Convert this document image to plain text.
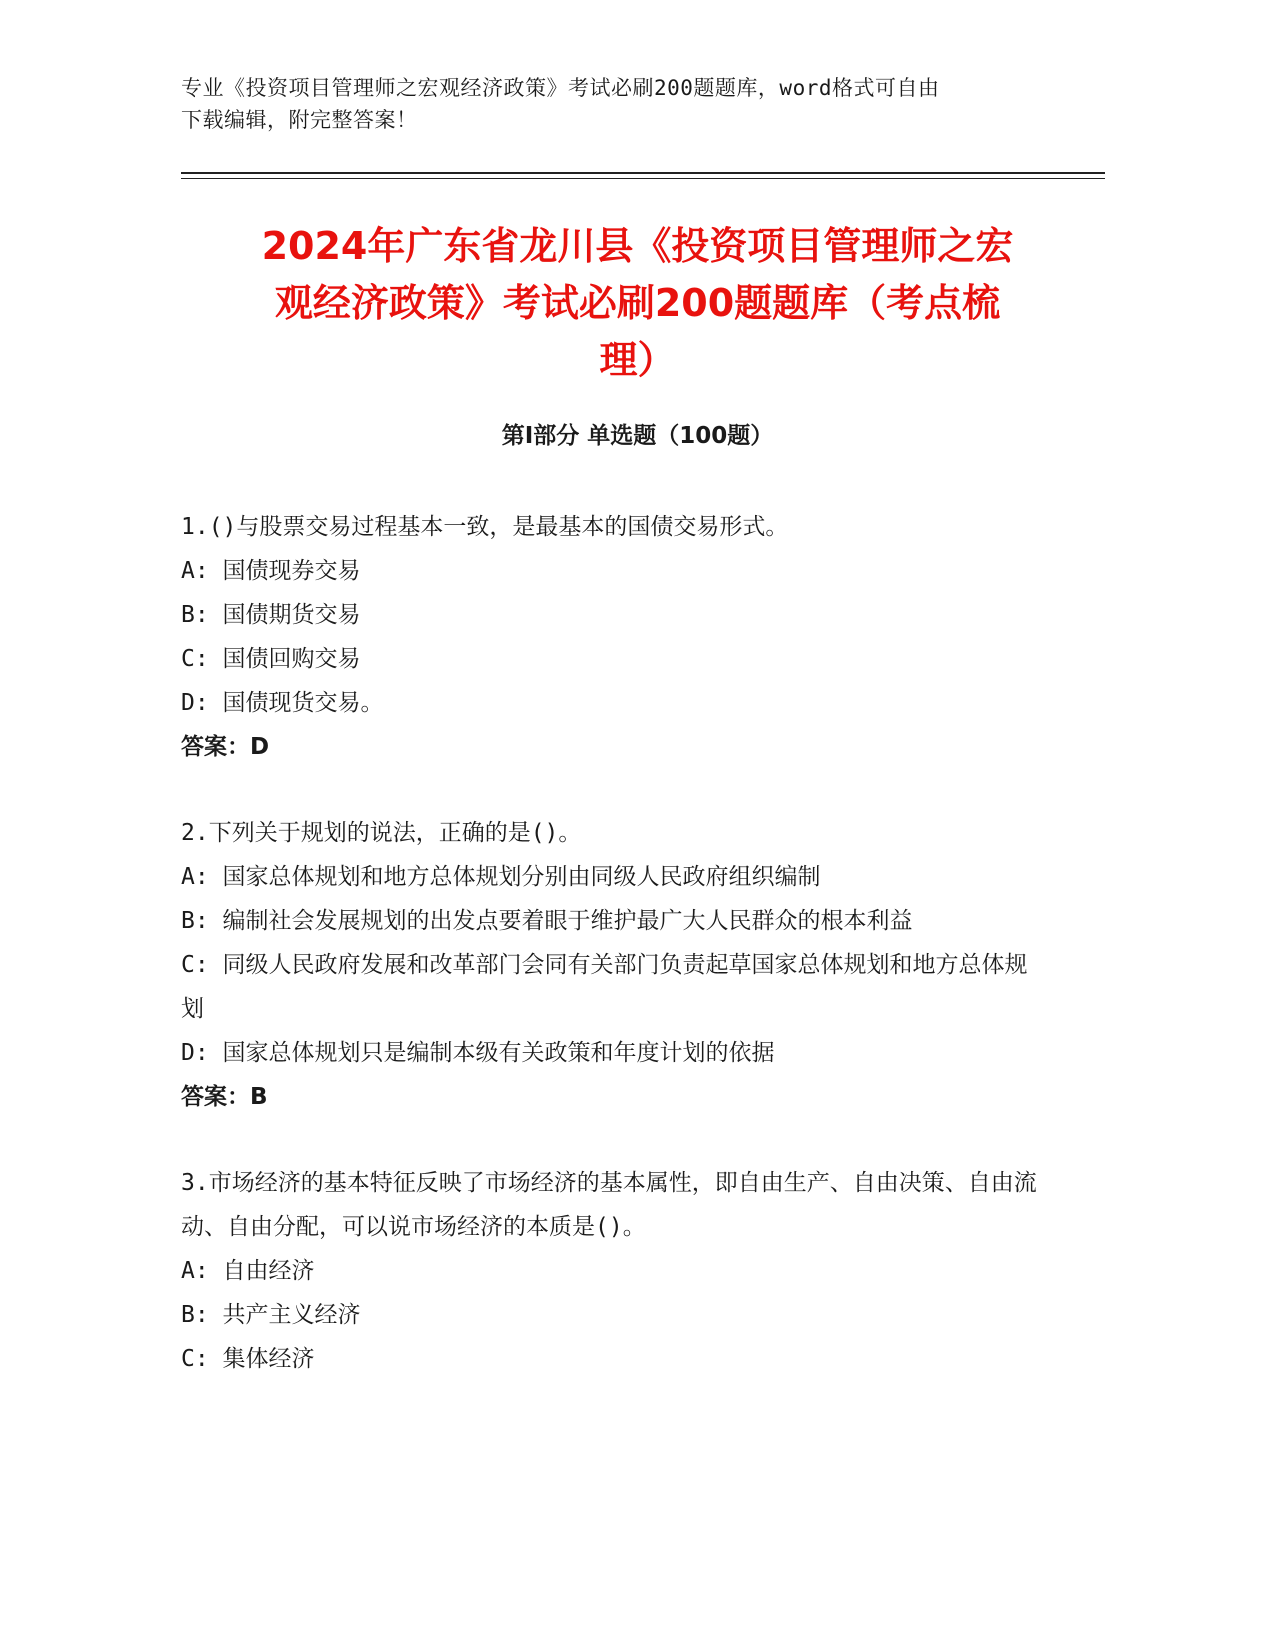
专业《投资项目管理师之宏观经济政策》考试必刷200题题库，word格式可自由
下载编辑，附完整答案！
2024年广东省龙川县《投资项目管理师之宏
观经济政策》考试必刷200题题库（考点梳
理）
第Ⅰ部分 单选题（100题）
1.()与股票交易过程基本一致，是最基本的国债交易形式。
A: 国债现券交易
B: 国债期货交易
C: 国债回购交易
D: 国债现货交易。
答案：D
2.下列关于规划的说法，正确的是()。
A: 国家总体规划和地方总体规划分别由同级人民政府组织编制
B: 编制社会发展规划的出发点要着眼于维护最广大人民群众的根本利益
C: 同级人民政府发展和改革部门会同有关部门负责起草国家总体规划和地方总体规划
D: 国家总体规划只是编制本级有关政策和年度计划的依据
答案：B
3.市场经济的基本特征反映了市场经济的基本属性，即自由生产、自由决策、自由流动、自由分配，可以说市场经济的本质是()。
A: 自由经济
B: 共产主义经济
C: 集体经济
